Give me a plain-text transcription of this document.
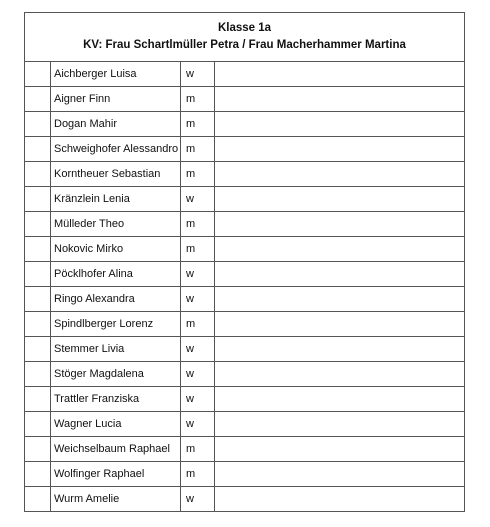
Klasse 1a
KV: Frau Schartlmüller Petra / Frau Macherhammer Martina			

	Aichberger Luisa	w	
	Aigner Finn	m	
	Dogan Mahir	m	
	Schweighofer Alessandro	m	
	Korntheuer Sebastian	m	
	Kränzlein Lenia	w	
	Mülleder Theo	m	
	Nokovic Mirko	m	
	Pöcklhofer Alina	w	
	Ringo Alexandra	w	
	Spindlberger Lorenz	m	
	Stemmer Livia	w	
	Stöger Magdalena	w	
	Trattler Franziska	w	
	Wagner Lucia	w	
	Weichselbaum Raphael	m	
	Wolfinger Raphael	m	
	Wurm Amelie	w	
